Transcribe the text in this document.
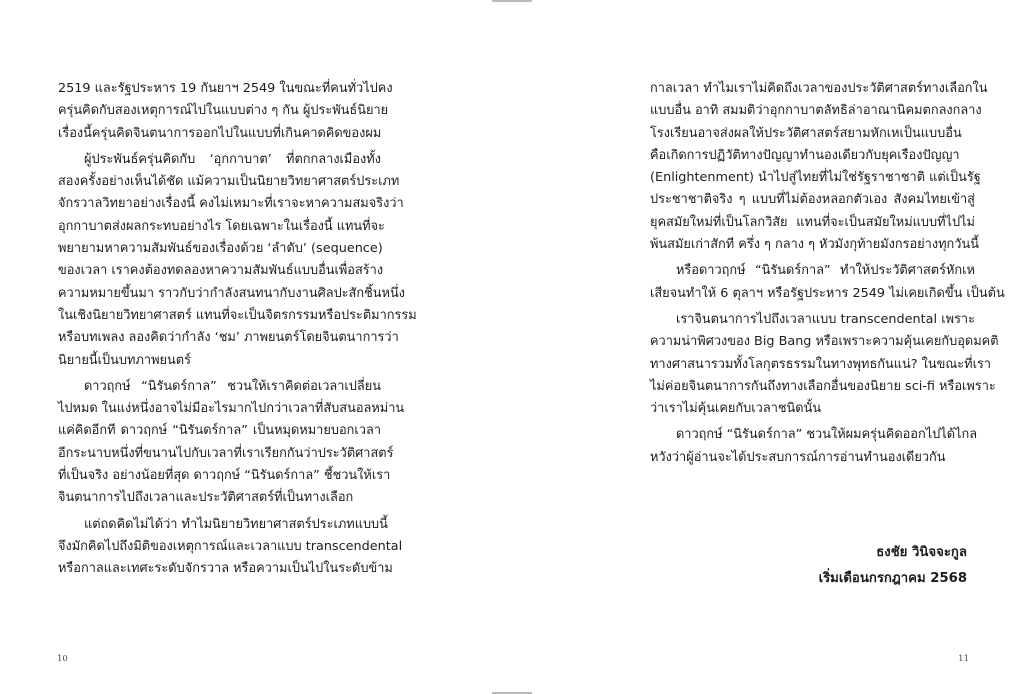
2519 และรัฐประหาร 19 กันยาฯ 2549 ในขณะที่คนทั่วไปคง
ครุ่นคิดกับสองเหตุการณ์ไปในแบบต่าง ๆ กัน ผู้ประพันธ์นิยาย
เรื่องนี้ครุ่นคิดจินตนาการออกไปในแบบที่เกินคาดคิดของผม

ผู้ประพันธ์ครุ่นคิดกับ ‘อุกกาบาต’ ที่ตกกลางเมืองทั้ง
สองครั้งอย่างเห็นได้ชัด แม้ความเป็นนิยายวิทยาศาสตร์ประเภท
จักรวาลวิทยาอย่างเรื่องนี้ คงไม่เหมาะที่เราจะหาความสมจริงว่า
อุกกาบาตส่งผลกระทบอย่างไร โดยเฉพาะในเรื่องนี้ แทนที่จะ
พยายามหาความสัมพันธ์ของเรื่องด้วย ‘ลำดับ’ (sequence)
ของเวลา เราคงต้องทดลองหาความสัมพันธ์แบบอื่นเพื่อสร้าง
ความหมายขึ้นมา ราวกับว่ากำลังสนทนากับงานศิลปะสักชิ้นหนึ่ง
ในเชิงนิยายวิทยาศาสตร์ แทนที่จะเป็นจิตรกรรมหรือประติมากรรม
หรือบทเพลง ลองคิดว่ากำลัง ‘ชม’ ภาพยนตร์โดยจินตนาการว่า
นิยายนี้เป็นบทภาพยนตร์

ดาวฤกษ์ “นิรันดร์กาล” ชวนให้เราคิดต่อเวลาเปลี่ยน
ไปหมด ในแง่หนึ่งอาจไม่มีอะไรมากไปกว่าเวลาที่สับสนอลหม่าน
แค่คิดอีกที ดาวฤกษ์ “นิรันดร์กาล” เป็นหมุดหมายบอกเวลา
อีกระนาบหนึ่งที่ขนานไปกับเวลาที่เราเรียกกันว่าประวัติศาสตร์
ที่เป็นจริง อย่างน้อยที่สุด ดาวฤกษ์ “นิรันดร์กาล” ชี้ชวนให้เรา
จินตนาการไปถึงเวลาและประวัติศาสตร์ที่เป็นทางเลือก

แต่ถดคิดไม่ได้ว่า ทำไมนิยายวิทยาศาสตร์ประเภทแบบนี้
จึงมักคิดไปถึงมิติของเหตุการณ์และเวลาแบบ transcendental
หรือกาลและเทศะระดับจักรวาล หรือความเป็นไปในระดับข้าม

10

กาลเวลา ทำไมเราไม่คิดถึงเวลาของประวัติศาสตร์ทางเลือกใน
แบบอื่น อาทิ สมมติว่าอุกกาบาตลัทธิล่าอาณานิคมตกลงกลาง
โรงเรียนอาจส่งผลให้ประวัติศาสตร์สยามหักเหเป็นแบบอื่น
คือเกิดการปฏิวัติทางปัญญาทำนองเดียวกับยุคเรืองปัญญา
(Enlightenment) นำไปสู่ไทยที่ไม่ใช่รัฐราชาชาติ แต่เป็นรัฐ
ประชาชาติจริง ๆ แบบที่ไม่ต้องหลอกตัวเอง สังคมไทยเข้าสู่
ยุคสมัยใหม่ที่เป็นโลกวิสัย แทนที่จะเป็นสมัยใหม่แบบที่ไปไม่
พ้นสมัยเก่าสักที ครึ่ง ๆ กลาง ๆ หัวมังกุท้ายมังกรอย่างทุกวันนี้

หรือดาวฤกษ์ “นิรันดร์กาล” ทำให้ประวัติศาสตร์หักเห
เสียจนทำให้ 6 ตุลาฯ หรือรัฐประหาร 2549 ไม่เคยเกิดขึ้น เป็นต้น

เราจินตนาการไปถึงเวลาแบบ transcendental เพราะ
ความน่าพิศวงของ Big Bang หรือเพราะความคุ้นเคยกับอุดมคติ
ทางศาสนารวมทั้งโลกุตรธรรมในทางพุทธกันแน่? ในขณะที่เรา
ไม่ค่อยจินตนาการกันถึงทางเลือกอื่นของนิยาย sci-fi หรือเพราะ
ว่าเราไม่คุ้นเคยกับเวลาชนิดนั้น

ดาวฤกษ์ “นิรันดร์กาล” ชวนให้ผมครุ่นคิดออกไปได้ไกล
หวังว่าผู้อ่านจะได้ประสบการณ์การอ่านทำนองเดียวกัน

ธงชัย วินิจจะกูล
เริ่มเดือนกรกฎาคม 2568
11
